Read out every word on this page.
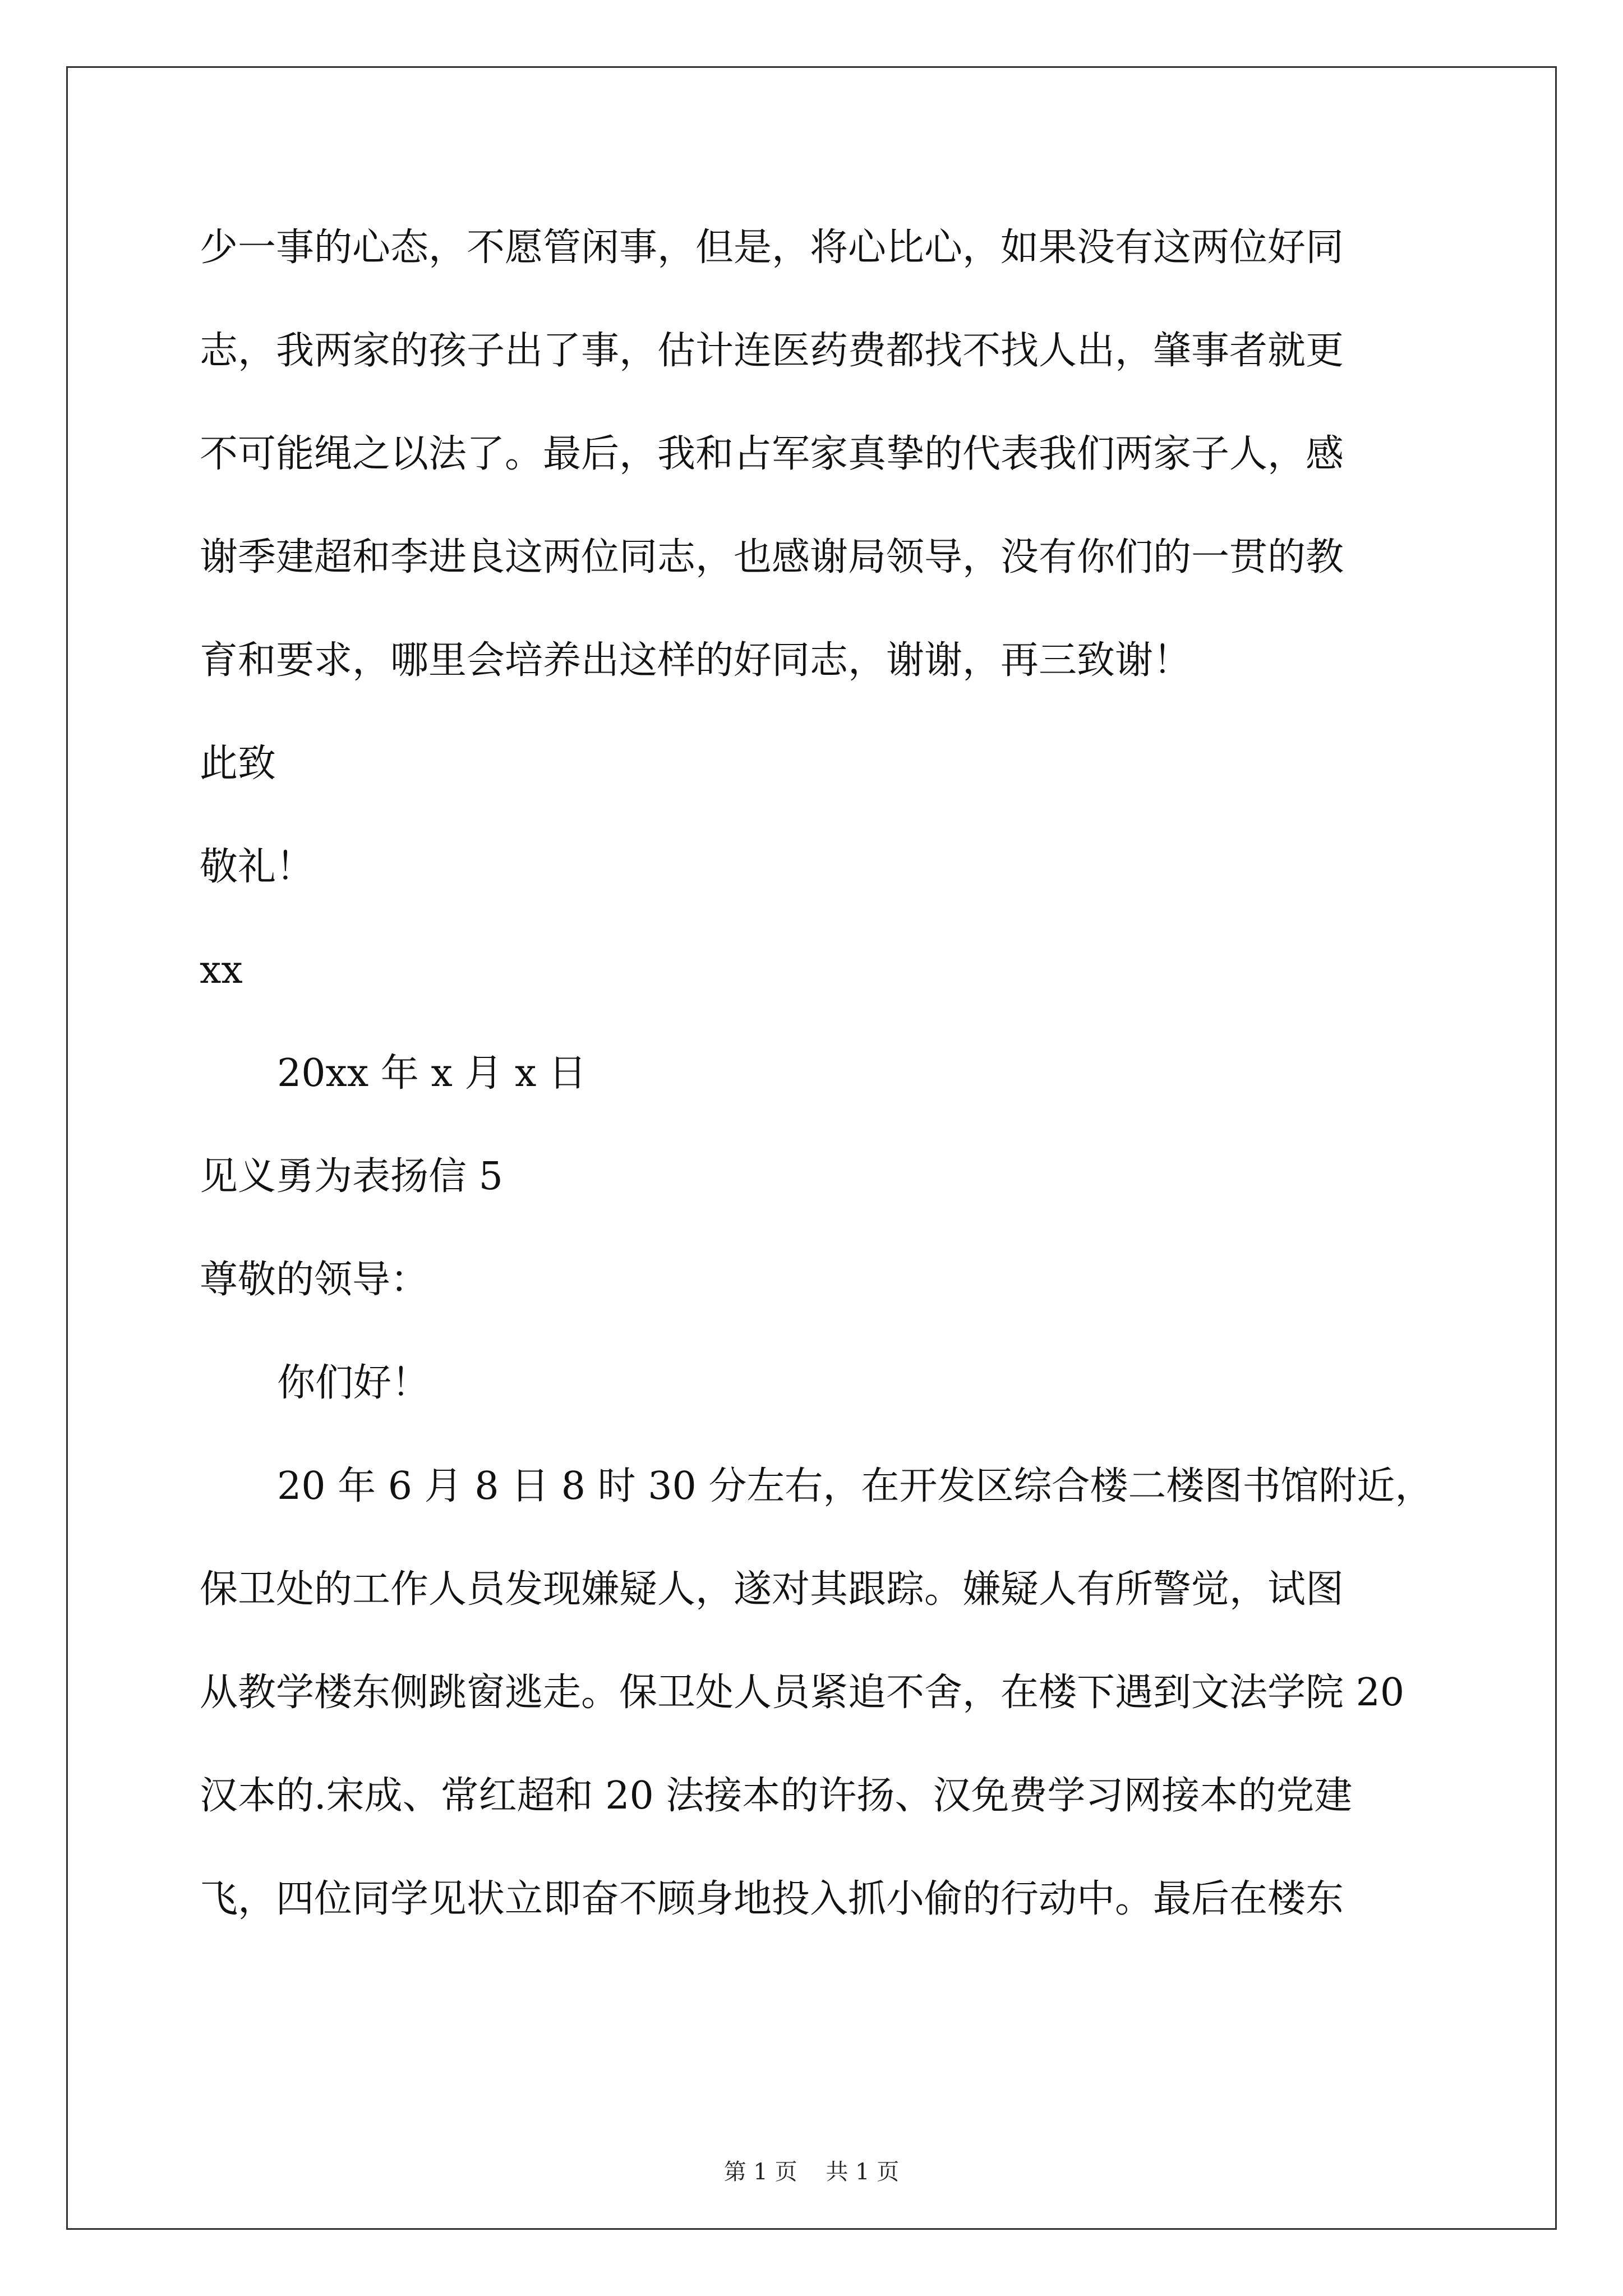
少一事的心态，不愿管闲事，但是，将心比心，如果没有这两位好同
志，我两家的孩子出了事，估计连医药费都找不找人出，肇事者就更
不可能绳之以法了。最后，我和占军家真挚的代表我们两家子人，感
谢季建超和李进良这两位同志，也感谢局领导，没有你们的一贯的教
育和要求，哪里会培养出这样的好同志，谢谢，再三致谢！
此致
敬礼！
xx
20xx 年 x 月 x 日
见义勇为表扬信 5
尊敬的领导：
你们好！
20 年 6 月 8 日 8 时 30 分左右，在开发区综合楼二楼图书馆附近，
保卫处的工作人员发现嫌疑人，遂对其跟踪。嫌疑人有所警觉，试图
从教学楼东侧跳窗逃走。保卫处人员紧追不舍，在楼下遇到文法学院 20
汉本的.宋成、常红超和 20 法接本的许扬、汉免费学习网接本的党建
飞，四位同学见状立即奋不顾身地投入抓小偷的行动中。最后在楼东
第 1 页    共 1 页
